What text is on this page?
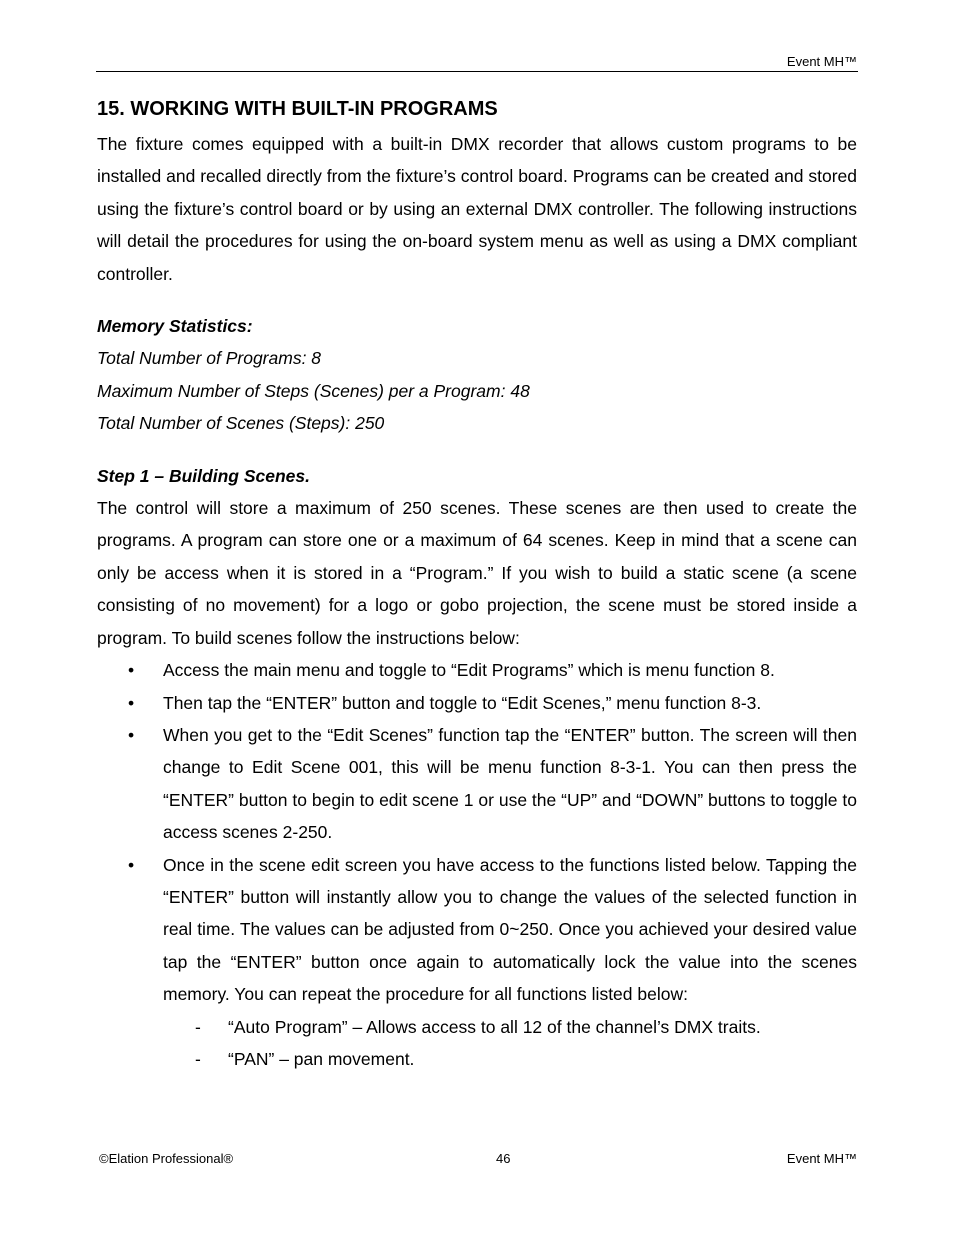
Event MH™
15. WORKING WITH BUILT-IN PROGRAMS

The fixture comes equipped with a built-in DMX recorder that allows custom programs to be installed and recalled directly from the fixture’s control board. Programs can be created and stored using the fixture’s control board or by using an external DMX controller. The following instructions will detail the procedures for using the on-board system menu as well as using a DMX compliant controller.

Memory Statistics:

Total Number of Programs: 8

Maximum Number of Steps (Scenes) per a Program: 48

Total Number of Scenes (Steps): 250

Step 1 – Building Scenes.

The control will store a maximum of 250 scenes. These scenes are then used to create the programs. A program can store one or a maximum of 64 scenes. Keep in mind that a scene can only be access when it is stored in a “Program.” If you wish to build a static scene (a scene consisting of no movement) for a logo or gobo projection, the scene must be stored inside a program. To build scenes follow the instructions below:

• Access the main menu and toggle to “Edit Programs” which is menu function 8.
• Then tap the “ENTER” button and toggle to “Edit Scenes,” menu function 8-3.
• When you get to the “Edit Scenes” function tap the “ENTER” button. The screen will then change to Edit Scene 001, this will be menu function 8-3-1. You can then press the “ENTER” button to begin to edit scene 1 or use the “UP” and “DOWN” buttons to toggle to access scenes 2-250.
• Once in the scene edit screen you have access to the functions listed below. Tapping the “ENTER” button will instantly allow you to change the values of the selected function in real time. The values can be adjusted from 0~250. Once you achieved your desired value tap the “ENTER” button once again to automatically lock the value into the scenes memory. You can repeat the procedure for all functions listed below:
- “Auto Program” – Allows access to all 12 of the channel’s DMX traits.
- “PAN” – pan movement.
©Elation Professional®	46	Event MH™
